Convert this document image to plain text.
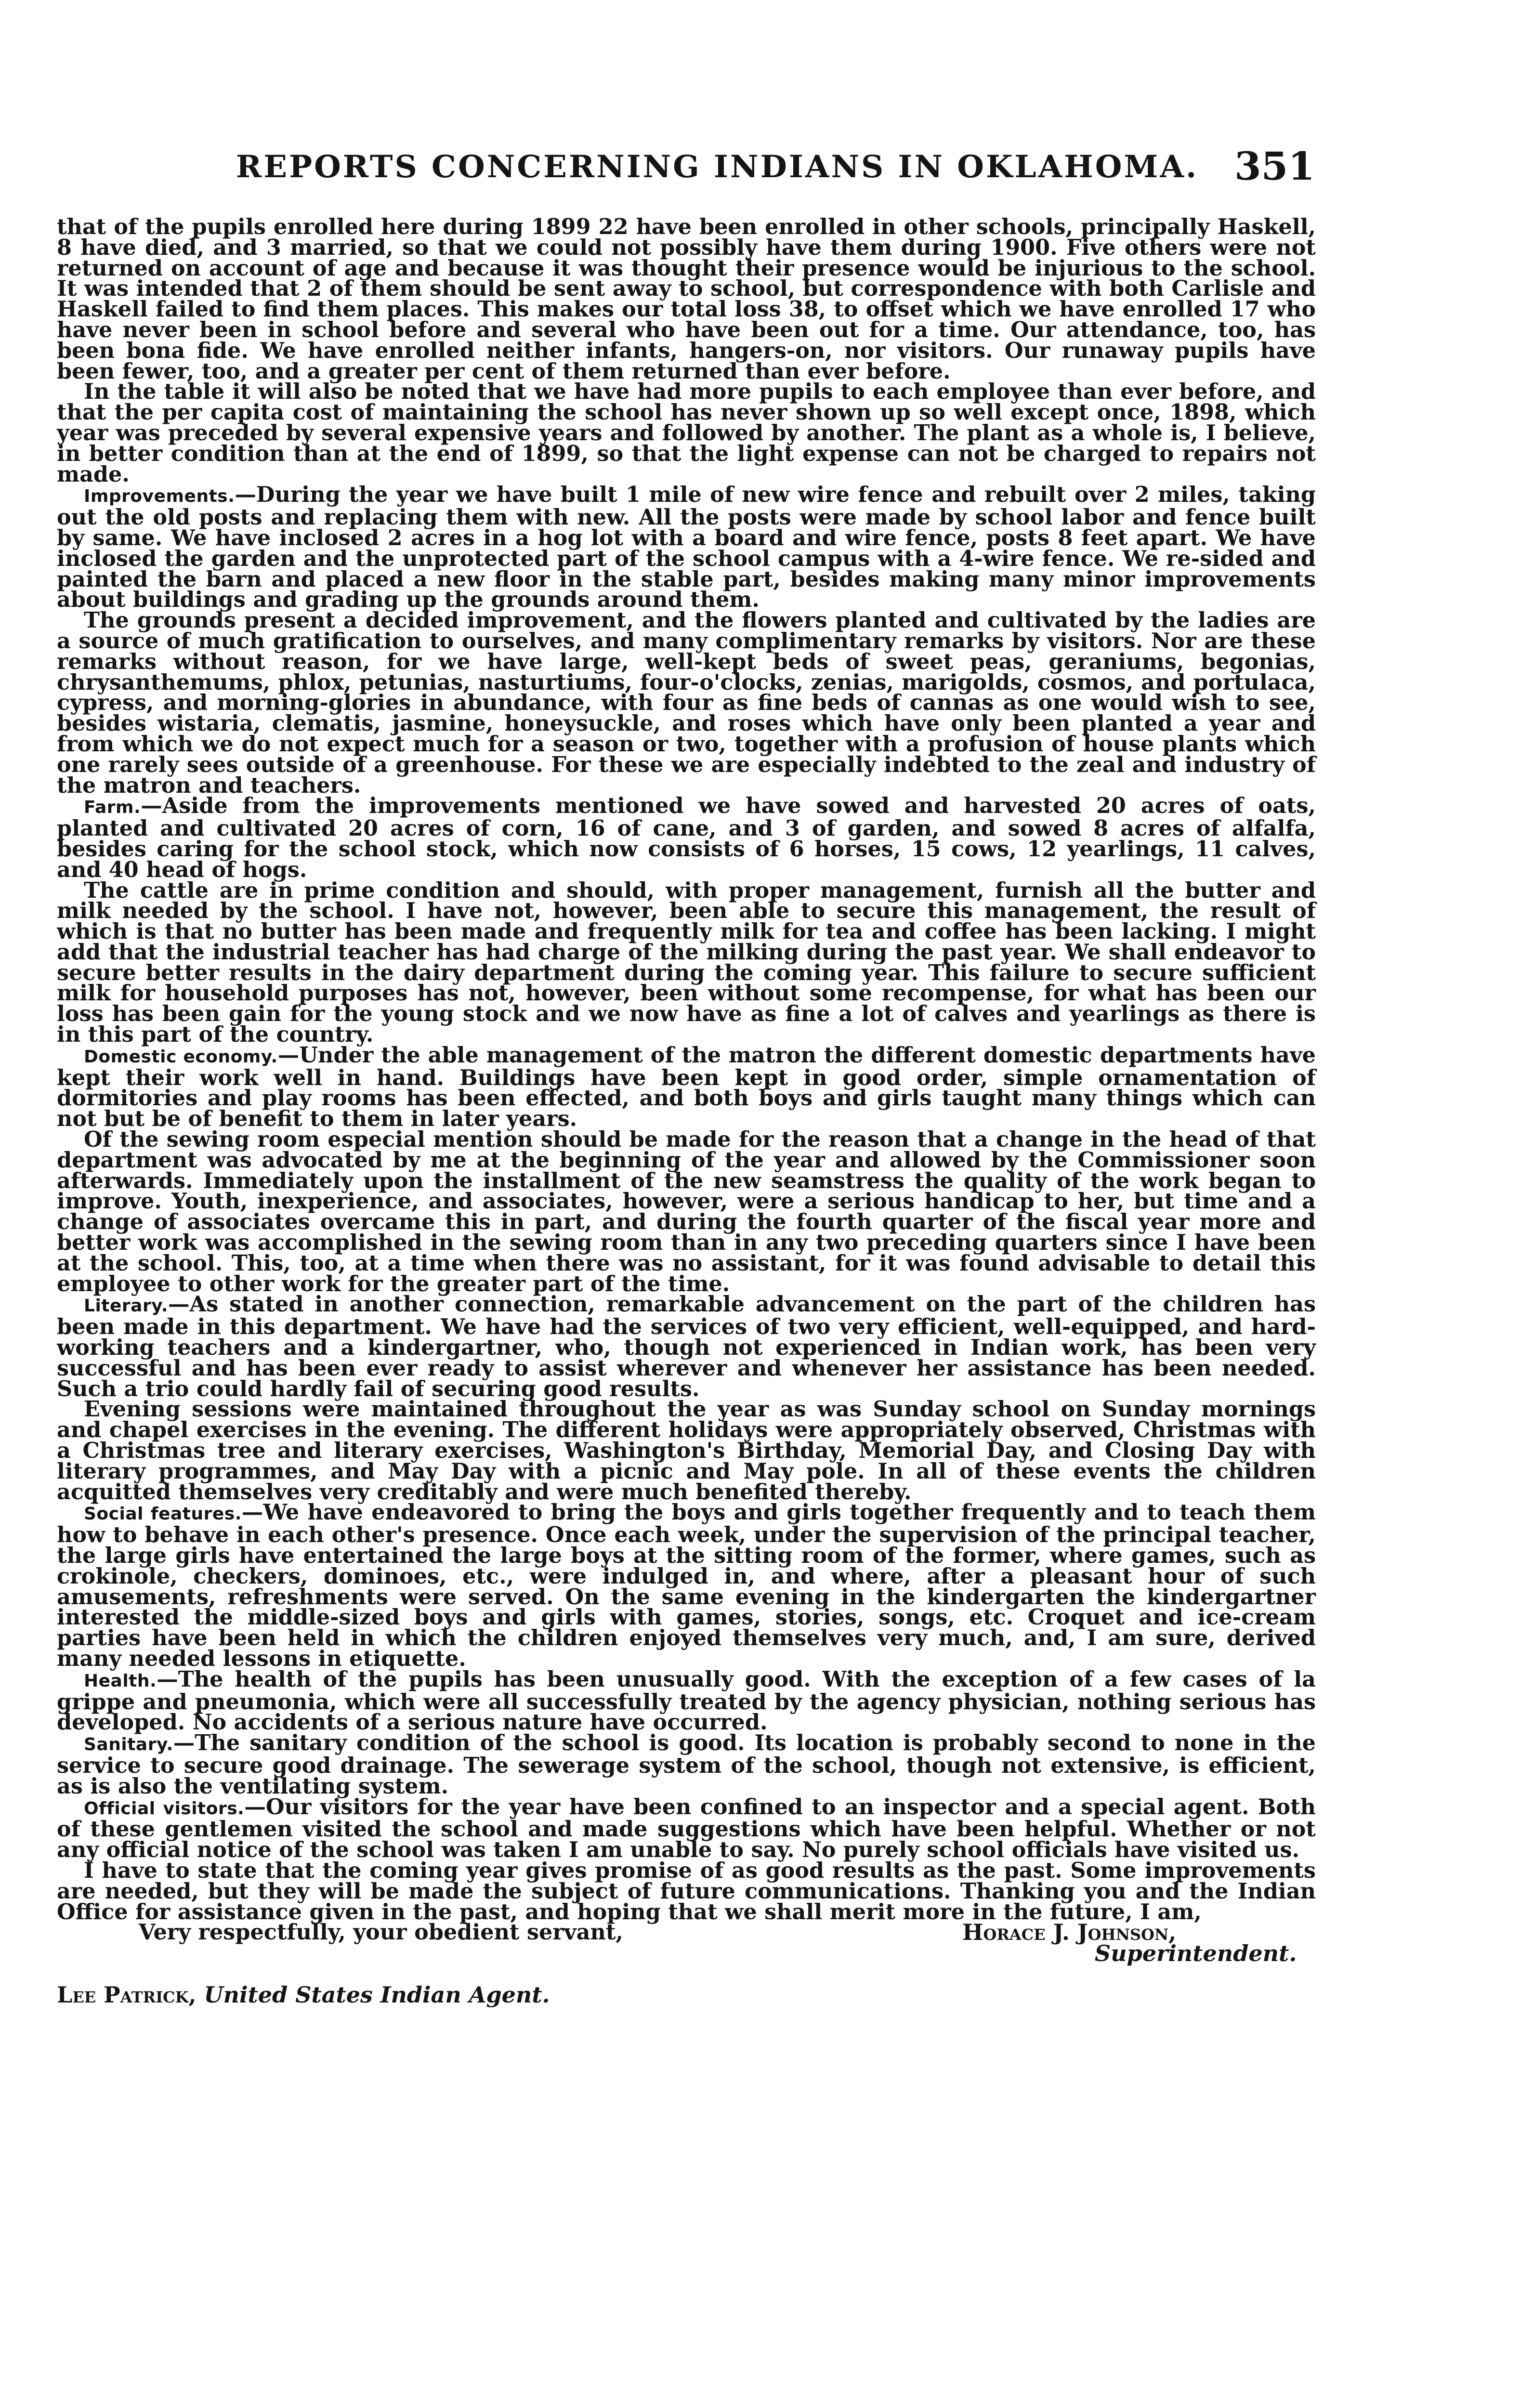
REPORTS CONCERNING INDIANS IN OKLAHOMA. 351

that of the pupils enrolled here during 1899 22 have been enrolled in other schools, principally Haskell, 8 have died, and 3 married, so that we could not possibly have them during 1900. Five others were not returned on account of age and because it was thought their presence would be injurious to the school. It was intended that 2 of them should be sent away to school, but correspondence with both Carlisle and Haskell failed to find them places. This makes our total loss 38, to offset which we have enrolled 17 who have never been in school before and several who have been out for a time. Our attendance, too, has been bona fide. We have enrolled neither infants, hangers-on, nor visitors. Our runaway pupils have been fewer, too, and a greater per cent of them returned than ever before.

In the table it will also be noted that we have had more pupils to each employee than ever before, and that the per capita cost of maintaining the school has never shown up so well except once, 1898, which year was preceded by several expensive years and followed by another. The plant as a whole is, I believe, in better condition than at the end of 1899, so that the light expense can not be charged to repairs not made.

Improvements.—During the year we have built 1 mile of new wire fence and rebuilt over 2 miles, taking out the old posts and replacing them with new. All the posts were made by school labor and fence built by same. We have inclosed 2 acres in a hog lot with a board and wire fence, posts 8 feet apart. We have inclosed the garden and the unprotected part of the school campus with a 4-wire fence. We re-sided and painted the barn and placed a new floor in the stable part, besides making many minor improvements about buildings and grading up the grounds around them.

The grounds present a decided improvement, and the flowers planted and cultivated by the ladies are a source of much gratification to ourselves, and many complimentary remarks by visitors. Nor are these remarks without reason, for we have large, well-kept beds of sweet peas, geraniums, begonias, chrysanthemums, phlox, petunias, nasturtiums, four-o'clocks, zenias, marigolds, cosmos, and portulaca, cypress, and morning-glories in abundance, with four as fine beds of cannas as one would wish to see, besides wistaria, clematis, jasmine, honeysuckle, and roses which have only been planted a year and from which we do not expect much for a season or two, together with a profusion of house plants which one rarely sees outside of a greenhouse. For these we are especially indebted to the zeal and industry of the matron and teachers.

Farm.—Aside from the improvements mentioned we have sowed and harvested 20 acres of oats, planted and cultivated 20 acres of corn, 16 of cane, and 3 of garden, and sowed 8 acres of alfalfa, besides caring for the school stock, which now consists of 6 horses, 15 cows, 12 yearlings, 11 calves, and 40 head of hogs.

The cattle are in prime condition and should, with proper management, furnish all the butter and milk needed by the school. I have not, however, been able to secure this management, the result of which is that no butter has been made and frequently milk for tea and coffee has been lacking. I might add that the industrial teacher has had charge of the milking during the past year. We shall endeavor to secure better results in the dairy department during the coming year. This failure to secure sufficient milk for household purposes has not, however, been without some recompense, for what has been our loss has been gain for the young stock and we now have as fine a lot of calves and yearlings as there is in this part of the country.

Domestic economy.—Under the able management of the matron the different domestic departments have kept their work well in hand. Buildings have been kept in good order, simple ornamentation of dormitories and play rooms has been effected, and both boys and girls taught many things which can not but be of benefit to them in later years.

Of the sewing room especial mention should be made for the reason that a change in the head of that department was advocated by me at the beginning of the year and allowed by the Commissioner soon afterwards. Immediately upon the installment of the new seamstress the quality of the work began to improve. Youth, inexperience, and associates, however, were a serious handicap to her, but time and a change of associates overcame this in part, and during the fourth quarter of the fiscal year more and better work was accomplished in the sewing room than in any two preceding quarters since I have been at the school. This, too, at a time when there was no assistant, for it was found advisable to detail this employee to other work for the greater part of the time.

Literary.—As stated in another connection, remarkable advancement on the part of the children has been made in this department. We have had the services of two very efficient, well-equipped, and hard-working teachers and a kindergartner, who, though not experienced in Indian work, has been very successful and has been ever ready to assist wherever and whenever her assistance has been needed. Such a trio could hardly fail of securing good results.

Evening sessions were maintained throughout the year as was Sunday school on Sunday mornings and chapel exercises in the evening. The different holidays were appropriately observed, Christmas with a Christmas tree and literary exercises, Washington's Birthday, Memorial Day, and Closing Day with literary programmes, and May Day with a picnic and May pole. In all of these events the children acquitted themselves very creditably and were much benefited thereby.

Social features.—We have endeavored to bring the boys and girls together frequently and to teach them how to behave in each other's presence. Once each week, under the supervision of the principal teacher, the large girls have entertained the large boys at the sitting room of the former, where games, such as crokinole, checkers, dominoes, etc., were indulged in, and where, after a pleasant hour of such amusements, refreshments were served. On the same evening in the kindergarten the kindergartner interested the middle-sized boys and girls with games, stories, songs, etc. Croquet and ice-cream parties have been held in which the children enjoyed themselves very much, and, I am sure, derived many needed lessons in etiquette.

Health.—The health of the pupils has been unusually good. With the exception of a few cases of la grippe and pneumonia, which were all successfully treated by the agency physician, nothing serious has developed. No accidents of a serious nature have occurred.

Sanitary.—The sanitary condition of the school is good. Its location is probably second to none in the service to secure good drainage. The sewerage system of the school, though not extensive, is efficient, as is also the ventilating system.

Official visitors.—Our visitors for the year have been confined to an inspector and a special agent. Both of these gentlemen visited the school and made suggestions which have been helpful. Whether or not any official notice of the school was taken I am unable to say. No purely school officials have visited us.

I have to state that the coming year gives promise of as good results as the past. Some improvements are needed, but they will be made the subject of future communications. Thanking you and the Indian Office for assistance given in the past, and hoping that we shall merit more in the future, I am,

Very respectfully, your obedient servant,	Horace J. Johnson,
Superintendent.

Lee Patrick, United States Indian Agent.
